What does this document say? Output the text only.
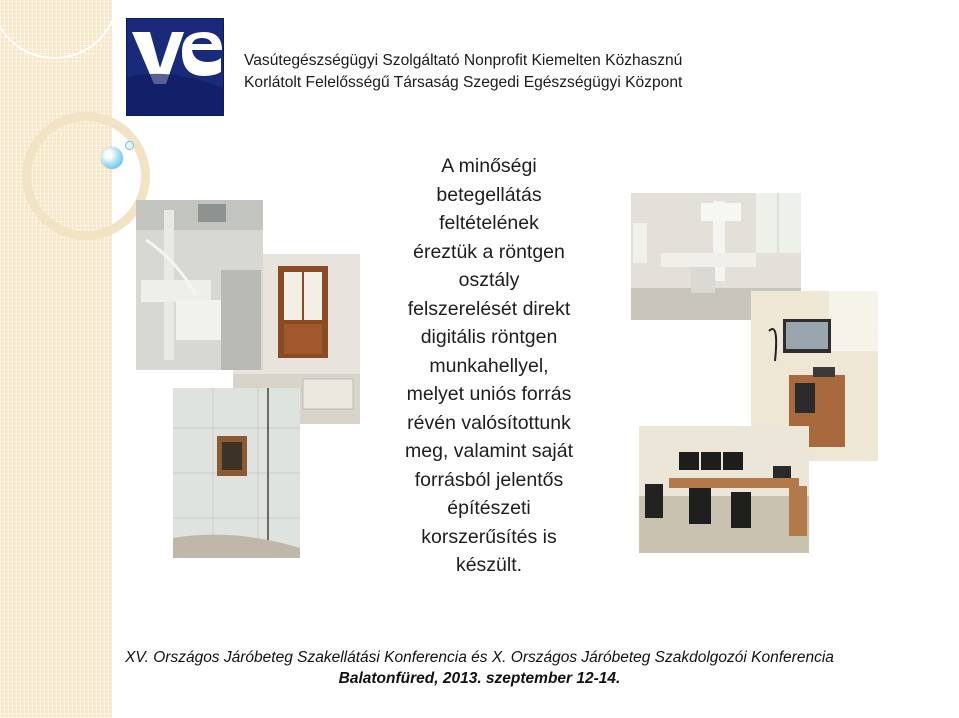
Vasútegészségügyi Szolgáltató Nonprofit Kiemelten Közhasznú
Korlátolt Felelősségű Társaság Szegedi Egészségügyi Központ
A minőségi
betegellátás
feltételének
éreztük a röntgen
osztály
felszerelését direkt
digitális röntgen
munkahellyel,
melyet uniós forrás
révén valósítottunk
meg, valamint saját
forrásból jelentős
építészeti
korszerűsítés is
készült.
XV. Országos Járóbeteg Szakellátási Konferencia és X. Országos Járóbeteg Szakdolgozói Konferencia
Balatonfüred, 2013. szeptember 12-14.
